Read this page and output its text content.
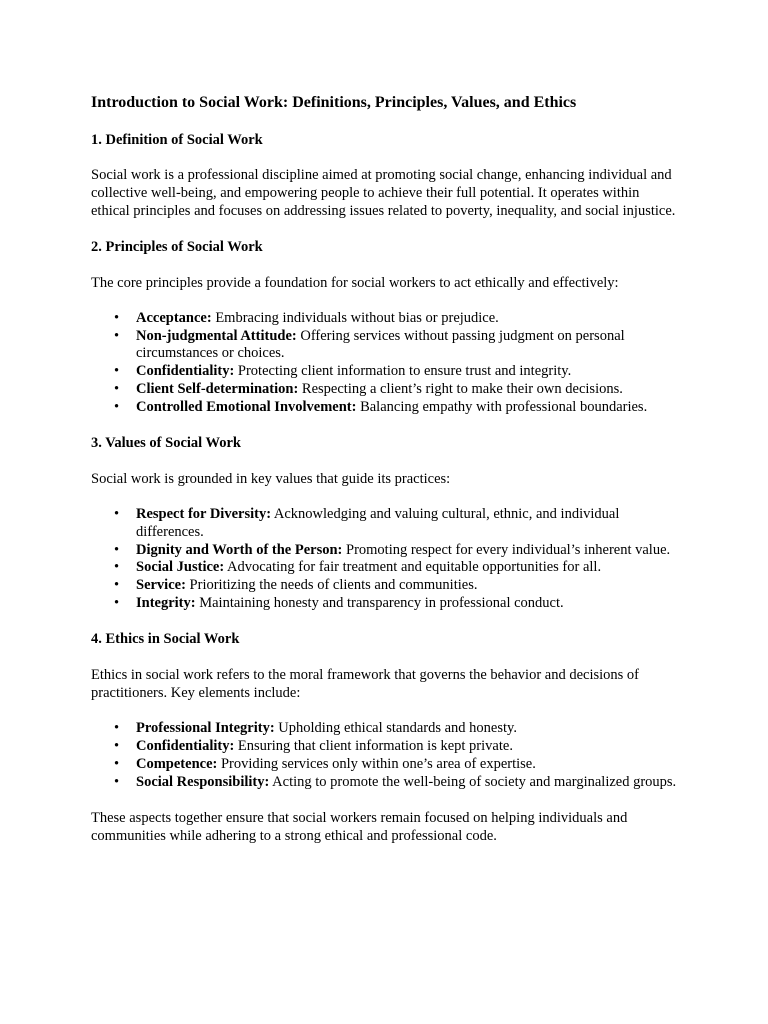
Introduction to Social Work: Definitions, Principles, Values, and Ethics
1. Definition of Social Work

Social work is a professional discipline aimed at promoting social change, enhancing individual and collective well-being, and empowering people to achieve their full potential. It operates within ethical principles and focuses on addressing issues related to poverty, inequality, and social injustice.

2. Principles of Social Work

The core principles provide a foundation for social workers to act ethically and effectively:

• Acceptance: Embracing individuals without bias or prejudice.
• Non-judgmental Attitude: Offering services without passing judgment on personal circumstances or choices.
• Confidentiality: Protecting client information to ensure trust and integrity.
• Client Self-determination: Respecting a client’s right to make their own decisions.
• Controlled Emotional Involvement: Balancing empathy with professional boundaries.
3. Values of Social Work

Social work is grounded in key values that guide its practices:

• Respect for Diversity: Acknowledging and valuing cultural, ethnic, and individual differences.
• Dignity and Worth of the Person: Promoting respect for every individual’s inherent value.
• Social Justice: Advocating for fair treatment and equitable opportunities for all.
• Service: Prioritizing the needs of clients and communities.
• Integrity: Maintaining honesty and transparency in professional conduct.
4. Ethics in Social Work

Ethics in social work refers to the moral framework that governs the behavior and decisions of practitioners. Key elements include:

• Professional Integrity: Upholding ethical standards and honesty.
• Confidentiality: Ensuring that client information is kept private.
• Competence: Providing services only within one’s area of expertise.
• Social Responsibility: Acting to promote the well-being of society and marginalized groups.

These aspects together ensure that social workers remain focused on helping individuals and communities while adhering to a strong ethical and professional code.
